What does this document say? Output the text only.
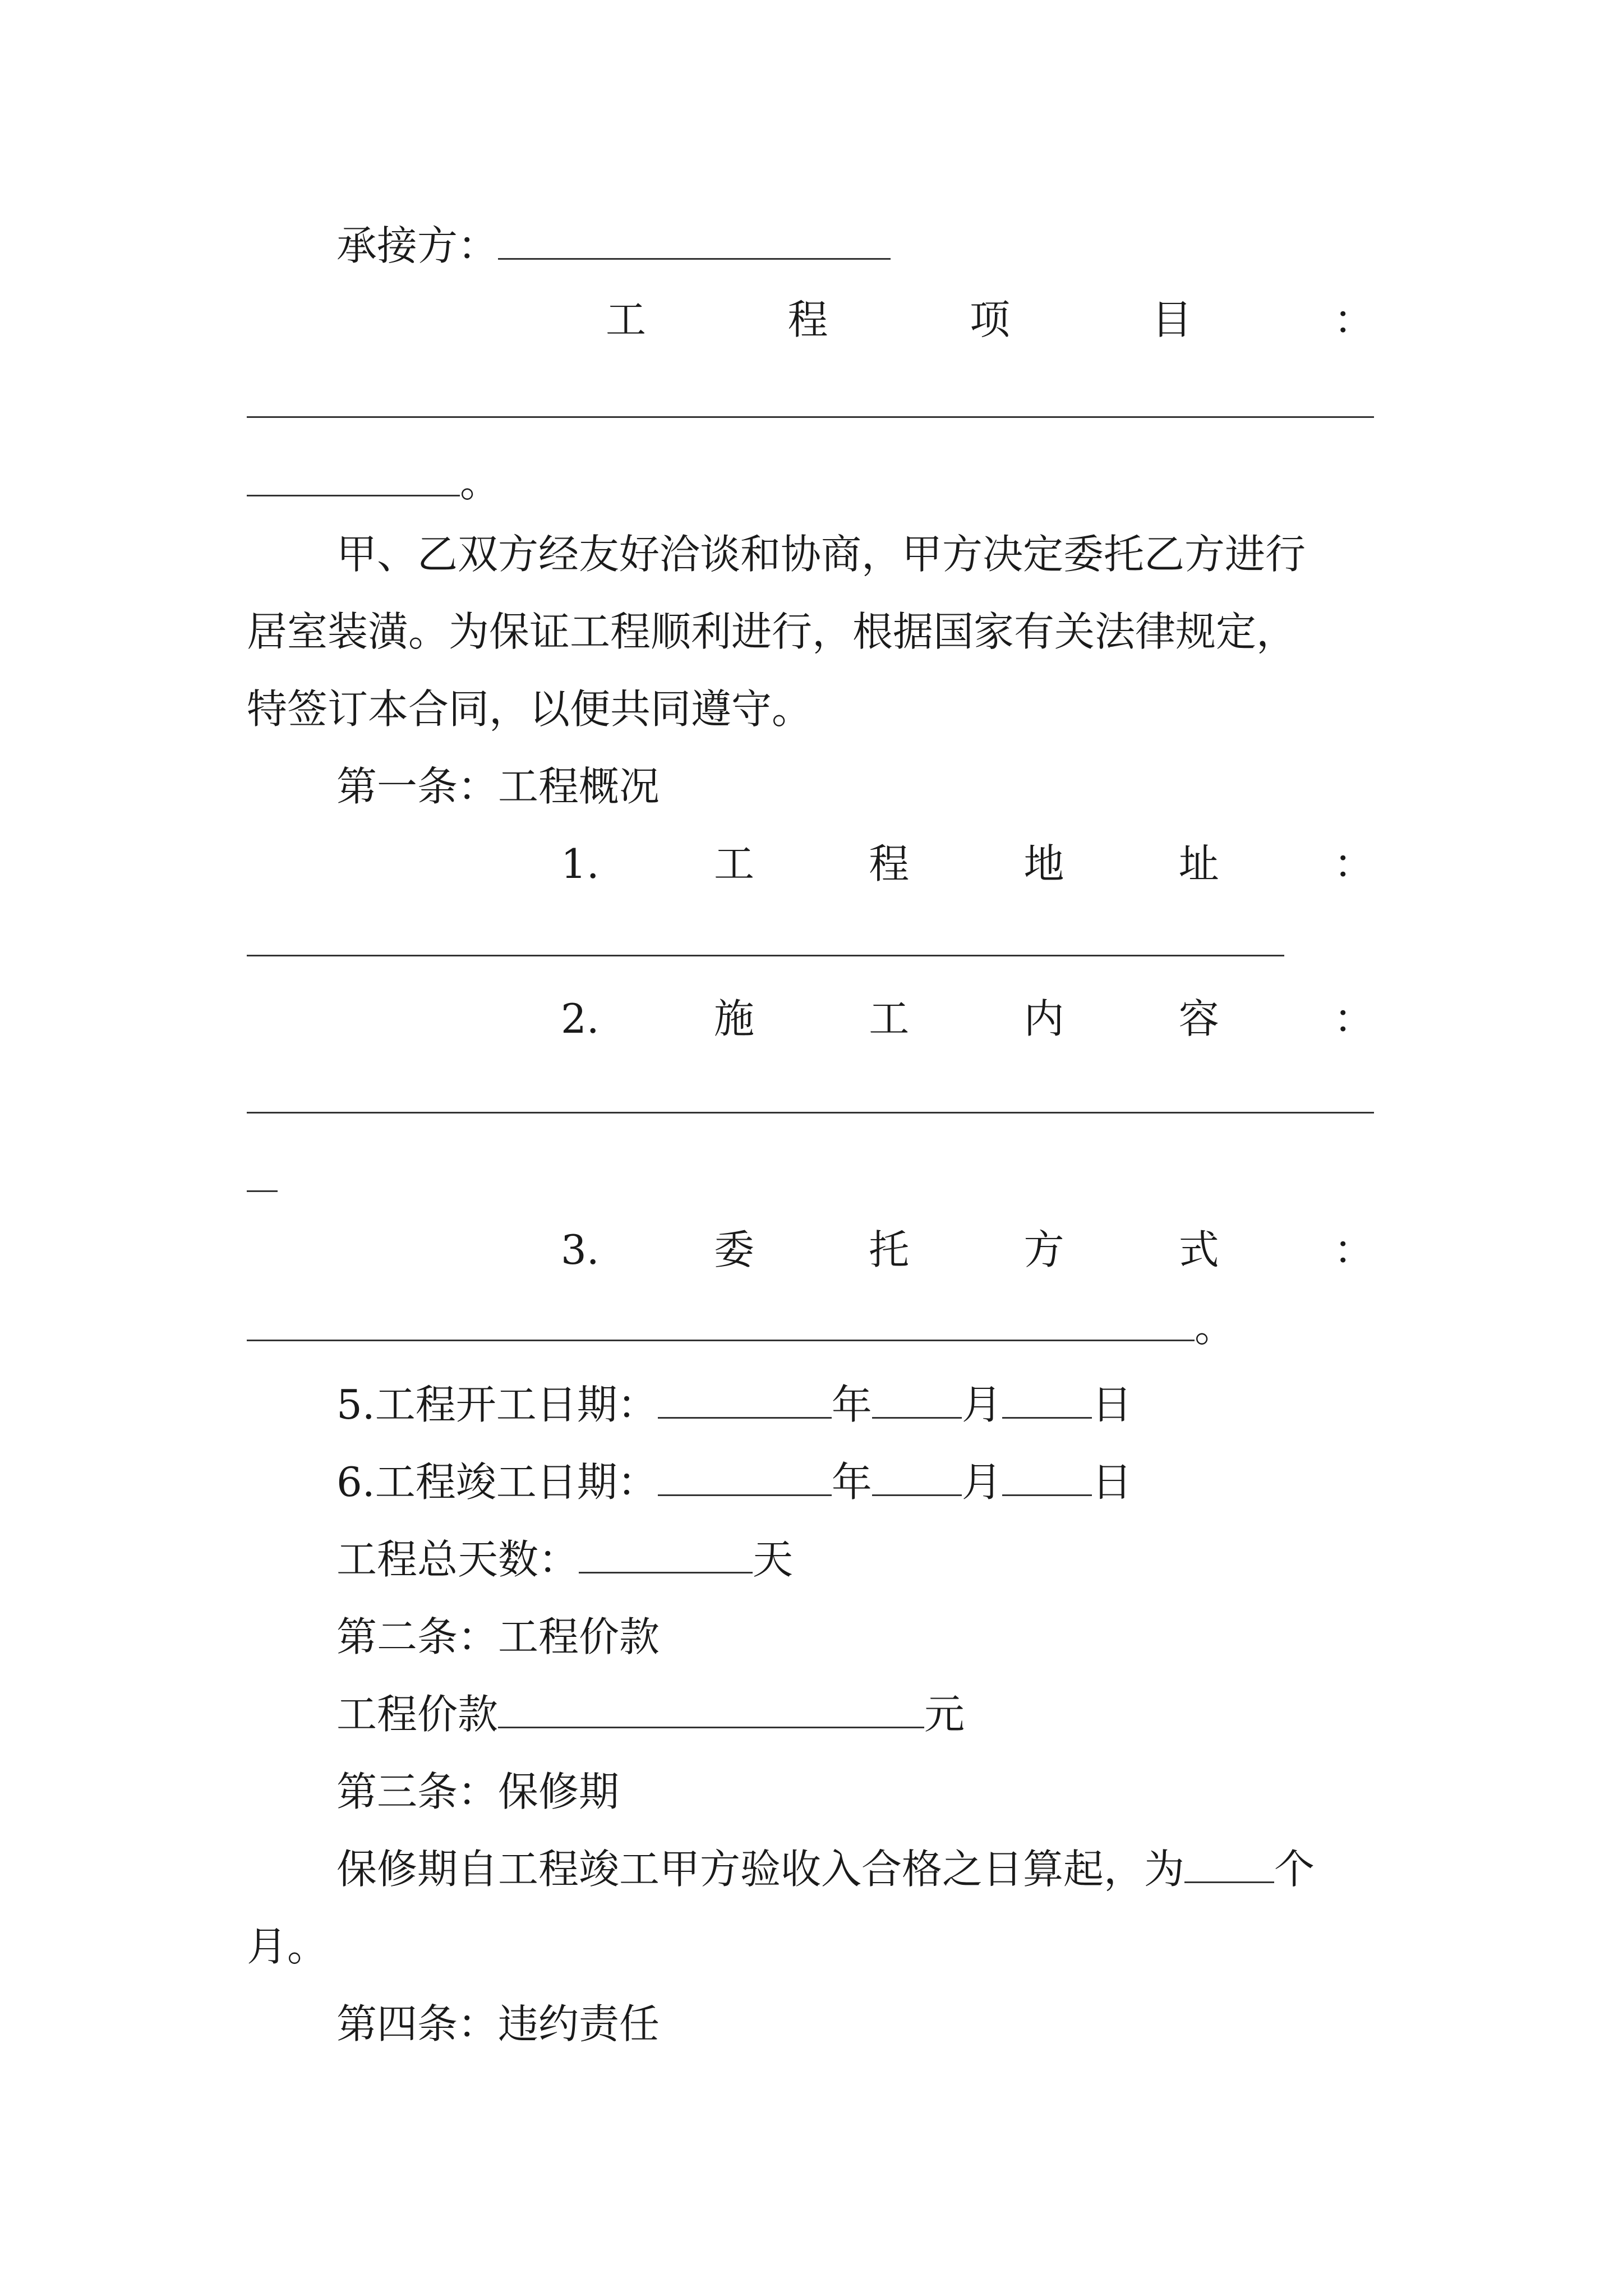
承接方：
工	程	项	目	：
。
甲、乙双方经友好洽谈和协商，甲方决定委托乙方进行
居室装潢。为保证工程顺利进行，根据国家有关法律规定，
特签订本合同，以便共同遵守。
第一条：工程概况
1.	工	程	地	址	：
2.	施	工	内	容	：
3.	委	托	方	式	：
。
5.工程开工日期：	年 月 日
6.工程竣工日期：	年 月 日
工程总天数：	天
第二条：工程价款
工程价款	元
第三条：保修期
保修期自工程竣工甲方验收入合格之日算起，为 个
月。
第四条：违约责任
